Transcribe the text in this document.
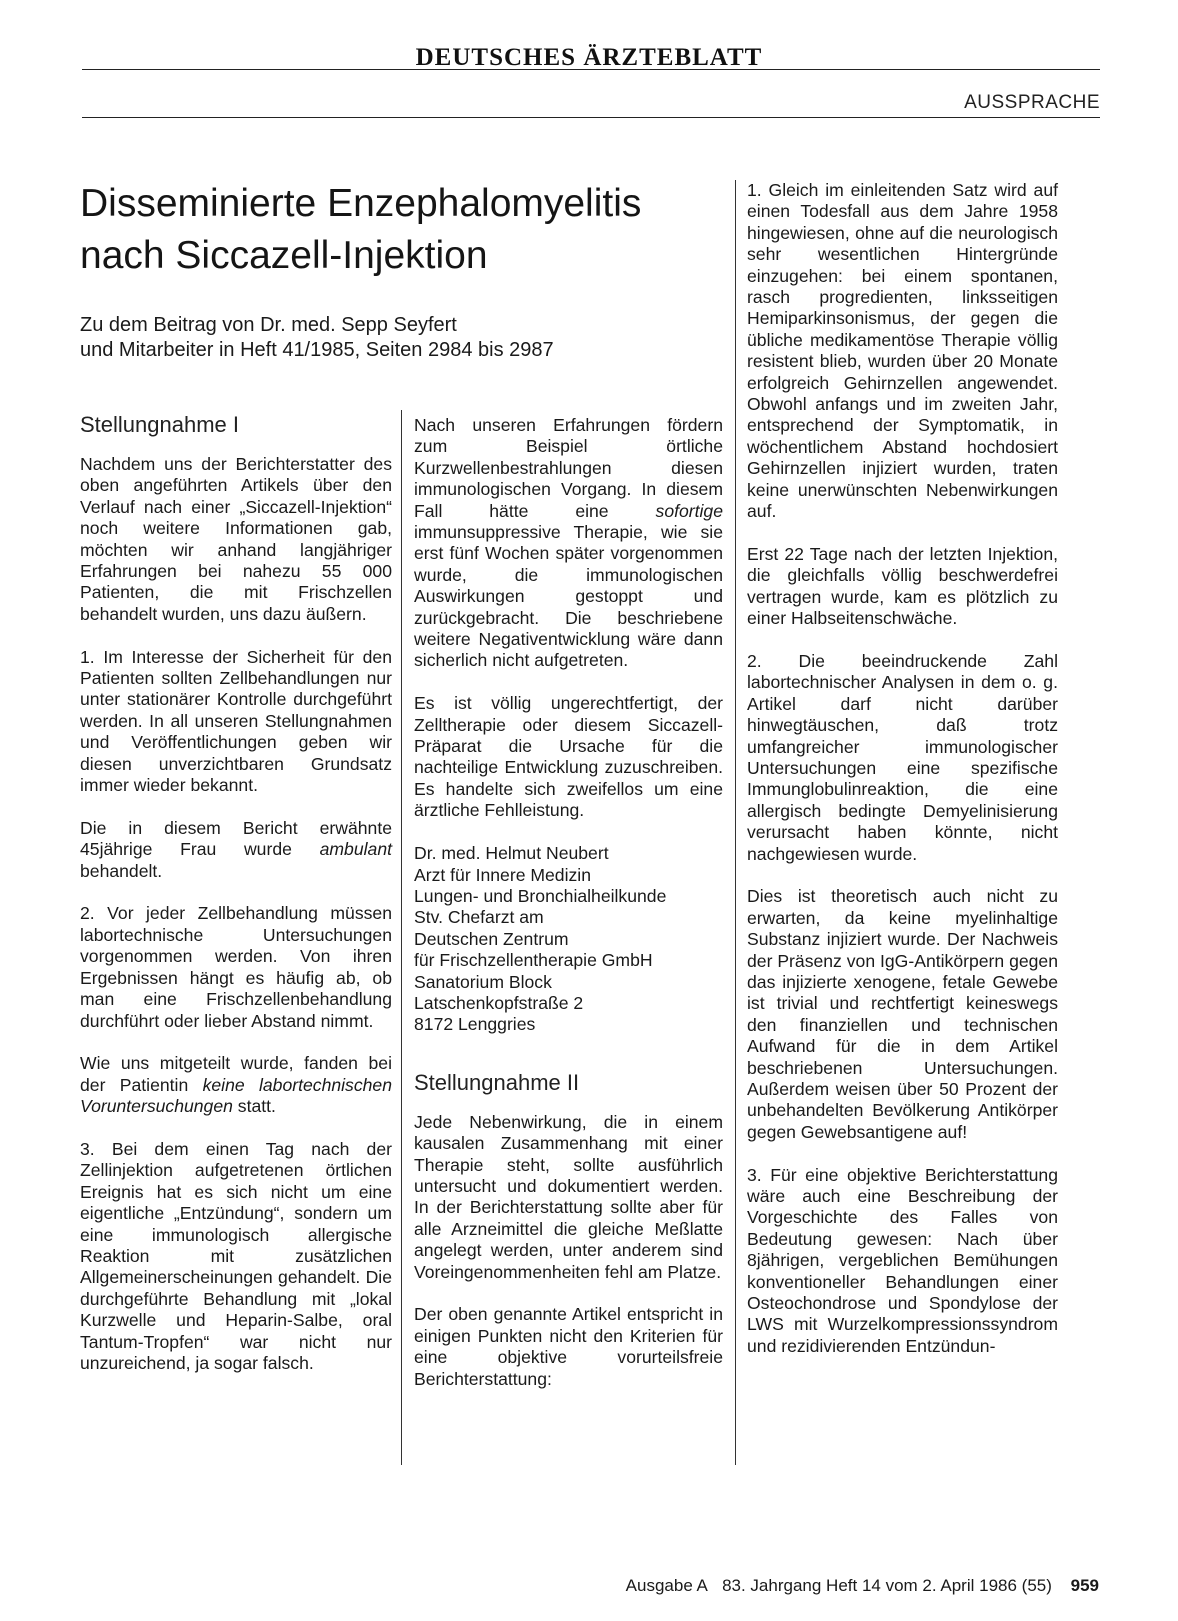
DEUTSCHES ÄRZTEBLATT
AUSSPRACHE
Disseminierte Enzephalomyelitis
nach Siccazell-Injektion
Zu dem Beitrag von Dr. med. Sepp Seyfert
und Mitarbeiter in Heft 41/1985, Seiten 2984 bis 2987
Stellungnahme I

Nachdem uns der Berichterstatter des oben angeführten Artikels über den Verlauf nach einer „Siccazell-Injektion“ noch weitere Informationen gab, möchten wir anhand langjähriger Erfahrungen bei nahezu 55 000 Patienten, die mit Frischzellen behandelt wurden, uns dazu äußern.

1. Im Interesse der Sicherheit für den Patienten sollten Zellbehandlungen nur unter stationärer Kontrolle durchgeführt werden. In all unseren Stellungnahmen und Veröffentlichungen geben wir diesen unverzichtbaren Grundsatz immer wieder bekannt.

Die in diesem Bericht erwähnte 45jährige Frau wurde ambulant behandelt.

2. Vor jeder Zellbehandlung müssen labortechnische Untersuchungen vorgenommen werden. Von ihren Ergebnissen hängt es häufig ab, ob man eine Frischzellenbehandlung durchführt oder lieber Abstand nimmt.

Wie uns mitgeteilt wurde, fanden bei der Patientin keine labortechnischen Voruntersuchungen statt.

3. Bei dem einen Tag nach der Zellinjektion aufgetretenen örtlichen Ereignis hat es sich nicht um eine eigentliche „Entzündung“, sondern um eine immunologisch allergische Reaktion mit zusätzlichen Allgemeinerscheinungen gehandelt. Die durchgeführte Behandlung mit „lokal Kurzwelle und Heparin-Salbe, oral Tantum-Tropfen“ war nicht nur unzureichend, ja sogar falsch.

Nach unseren Erfahrungen fördern zum Beispiel örtliche Kurzwellenbestrahlungen diesen immunologischen Vorgang. In diesem Fall hätte eine sofortige immunsuppressive Therapie, wie sie erst fünf Wochen später vorgenommen wurde, die immunologischen Auswirkungen gestoppt und zurückgebracht. Die beschriebene weitere Negativentwicklung wäre dann sicherlich nicht aufgetreten.

Es ist völlig ungerechtfertigt, der Zelltherapie oder diesem Siccazell-Präparat die Ursache für die nachteilige Entwicklung zuzuschreiben. Es handelte sich zweifellos um eine ärztliche Fehlleistung.

Dr. med. Helmut Neubert
Arzt für Innere Medizin
Lungen- und Bronchialheilkunde
Stv. Chefarzt am
Deutschen Zentrum
für Frischzellentherapie GmbH
Sanatorium Block
Latschenkopfstraße 2
8172 Lenggries
Stellungnahme II

Jede Nebenwirkung, die in einem kausalen Zusammenhang mit einer Therapie steht, sollte ausführlich untersucht und dokumentiert werden. In der Berichterstattung sollte aber für alle Arzneimittel die gleiche Meßlatte angelegt werden, unter anderem sind Voreingenommenheiten fehl am Platze.

Der oben genannte Artikel entspricht in einigen Punkten nicht den Kriterien für eine objektive vorurteilsfreie Berichterstattung:

1. Gleich im einleitenden Satz wird auf einen Todesfall aus dem Jahre 1958 hingewiesen, ohne auf die neurologisch sehr wesentlichen Hintergründe einzugehen: bei einem spontanen, rasch progredienten, linksseitigen Hemiparkinsonismus, der gegen die übliche medikamentöse Therapie völlig resistent blieb, wurden über 20 Monate erfolgreich Gehirnzellen angewendet. Obwohl anfangs und im zweiten Jahr, entsprechend der Symptomatik, in wöchentlichem Abstand hochdosiert Gehirnzellen injiziert wurden, traten keine unerwünschten Nebenwirkungen auf.

Erst 22 Tage nach der letzten Injektion, die gleichfalls völlig beschwerdefrei vertragen wurde, kam es plötzlich zu einer Halbseitenschwäche.

2. Die beeindruckende Zahl labortechnischer Analysen in dem o. g. Artikel darf nicht darüber hinwegtäuschen, daß trotz umfangreicher immunologischer Untersuchungen eine spezifische Immunglobulinreaktion, die eine allergisch bedingte Demyelinisierung verursacht haben könnte, nicht nachgewiesen wurde.

Dies ist theoretisch auch nicht zu erwarten, da keine myelinhaltige Substanz injiziert wurde. Der Nachweis der Präsenz von IgG-Antikörpern gegen das injizierte xenogene, fetale Gewebe ist trivial und rechtfertigt keineswegs den finanziellen und technischen Aufwand für die in dem Artikel beschriebenen Untersuchungen. Außerdem weisen über 50 Prozent der unbehandelten Bevölkerung Antikörper gegen Gewebsantigene auf!

3. Für eine objektive Berichterstattung wäre auch eine Beschreibung der Vorgeschichte des Falles von Bedeutung gewesen: Nach über 8jährigen, vergeblichen Bemühungen konventioneller Behandlungen einer Osteochondrose und Spondylose der LWS mit Wurzelkompressionssyndrom und rezidivierenden Entzündun-

Ausgabe A 83. Jahrgang Heft 14 vom 2. April 1986 (55) 959
